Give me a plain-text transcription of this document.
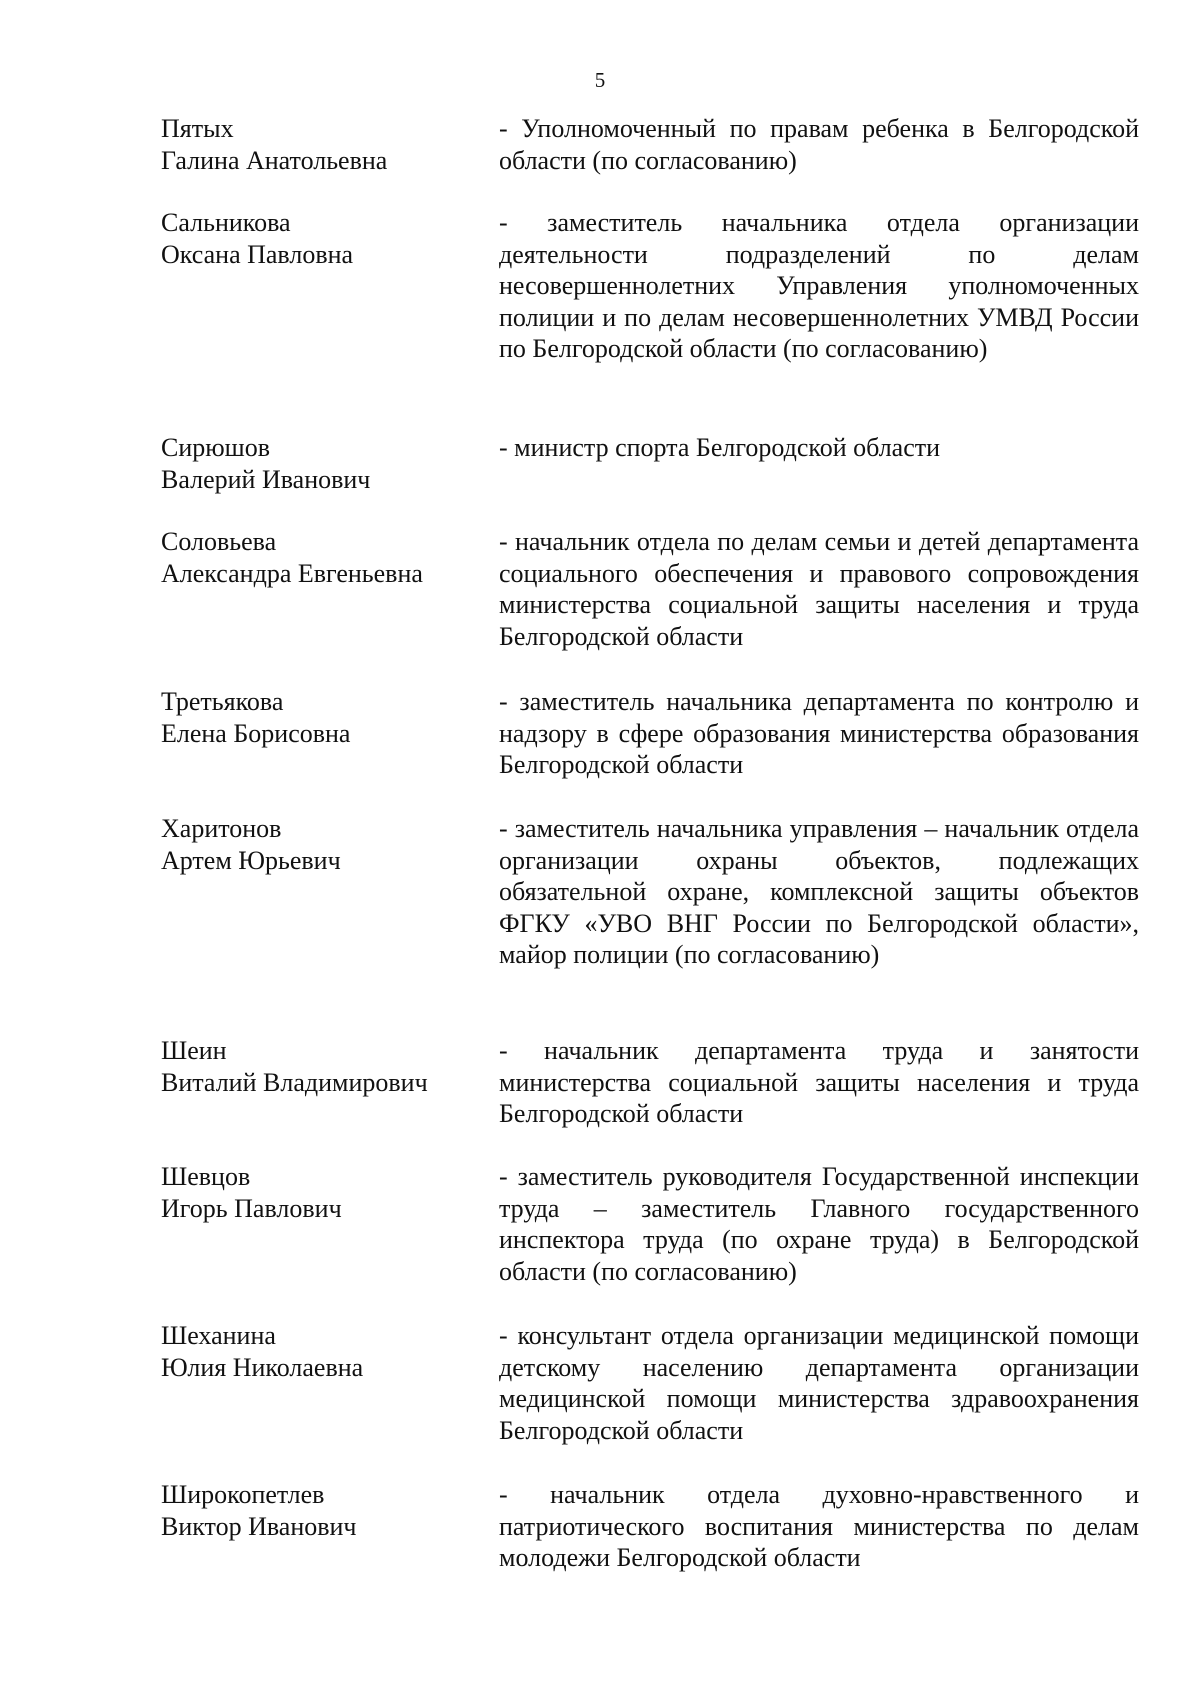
5
Пятых
Галина Анатольевна
- Уполномоченный по правам ребенка в Белгородской области (по согласованию)
Сальникова
Оксана Павловна
- заместитель начальника отдела организации деятельности подразделений по делам несовершеннолетних Управления уполномоченных полиции и по делам несовершеннолетних УМВД России по Белгородской области (по согласованию)
Сирюшов
Валерий Иванович
- министр спорта Белгородской области
Соловьева
Александра Евгеньевна
- начальник отдела по делам семьи и детей департамента социального обеспечения и правового сопровождения министерства социальной защиты населения и труда Белгородской области
Третьякова
Елена Борисовна
- заместитель начальника департамента по контролю и надзору в сфере образования министерства образования Белгородской области
Харитонов
Артем Юрьевич
- заместитель начальника управления – начальник отдела организации охраны объектов, подлежащих обязательной охране, комплексной защиты объектов ФГКУ «УВО ВНГ России по Белгородской области», майор полиции (по согласованию)
Шеин
Виталий Владимирович
- начальник департамента труда и занятости министерства социальной защиты населения и труда Белгородской области
Шевцов
Игорь Павлович
- заместитель руководителя Государственной инспекции труда – заместитель Главного государственного инспектора труда (по охране труда) в Белгородской области (по согласованию)
Шеханина
Юлия Николаевна
- консультант отдела организации медицинской помощи детскому населению департамента организации медицинской помощи министерства здравоохранения Белгородской области
Широкопетлев
Виктор Иванович
- начальник отдела духовно-нравственного и патриотического воспитания министерства по делам молодежи Белгородской области
